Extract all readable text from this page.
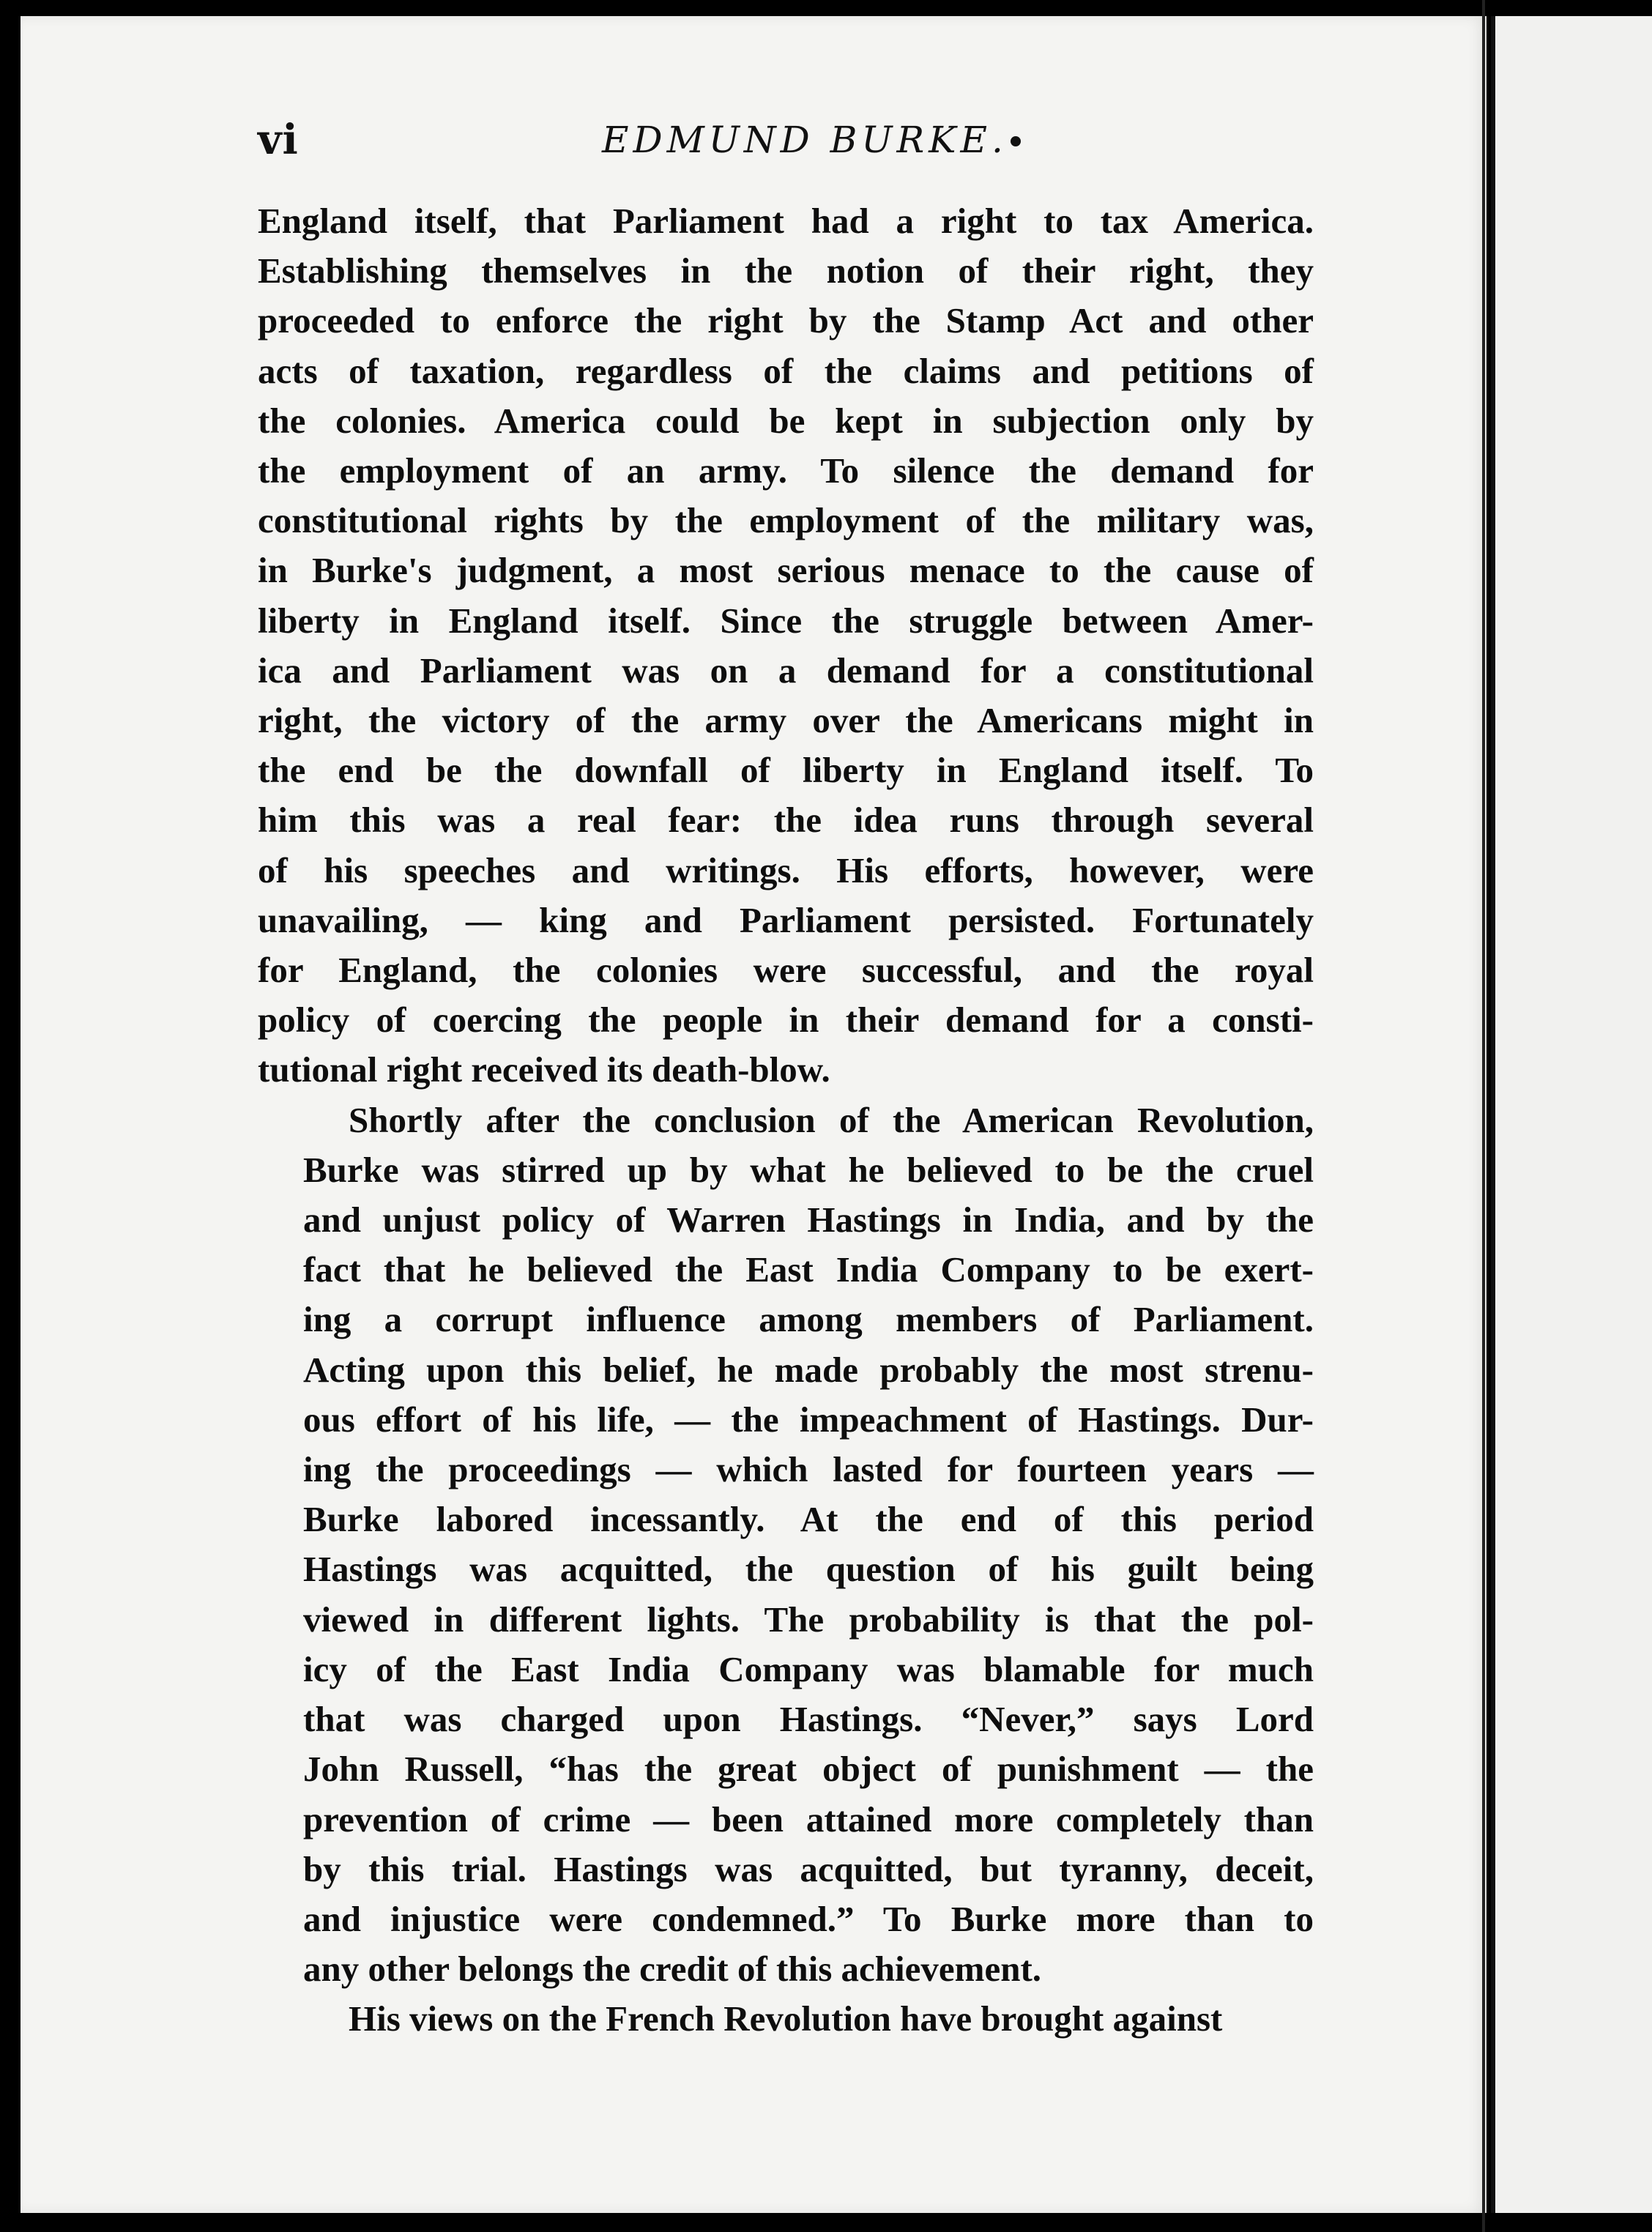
vi	EDMUND BURKE.

England itself, that Parliament had a right to tax America.
Establishing themselves in the notion of their right, they
proceeded to enforce the right by the Stamp Act and other
acts of taxation, regardless of the claims and petitions of
the colonies. America could be kept in subjection only by
the employment of an army. To silence the demand for
constitutional rights by the employment of the military was,
in Burke's judgment, a most serious menace to the cause of
liberty in England itself. Since the struggle between Amer-
ica and Parliament was on a demand for a constitutional
right, the victory of the army over the Americans might in
the end be the downfall of liberty in England itself. To
him this was a real fear: the idea runs through several
of his speeches and writings. His efforts, however, were
unavailing, — king and Parliament persisted. Fortunately
for England, the colonies were successful, and the royal
policy of coercing the people in their demand for a consti-
tutional right received its death-blow.

Shortly after the conclusion of the American Revolution,
Burke was stirred up by what he believed to be the cruel
and unjust policy of Warren Hastings in India, and by the
fact that he believed the East India Company to be exert-
ing a corrupt influence among members of Parliament.
Acting upon this belief, he made probably the most strenu-
ous effort of his life, — the impeachment of Hastings. Dur-
ing the proceedings — which lasted for fourteen years —
Burke labored incessantly. At the end of this period
Hastings was acquitted, the question of his guilt being
viewed in different lights. The probability is that the pol-
icy of the East India Company was blamable for much
that was charged upon Hastings. “Never,” says Lord
John Russell, “has the great object of punishment — the
prevention of crime — been attained more completely than
by this trial. Hastings was acquitted, but tyranny, deceit,
and injustice were condemned.” To Burke more than to
any other belongs the credit of this achievement.

His views on the French Revolution have brought against
